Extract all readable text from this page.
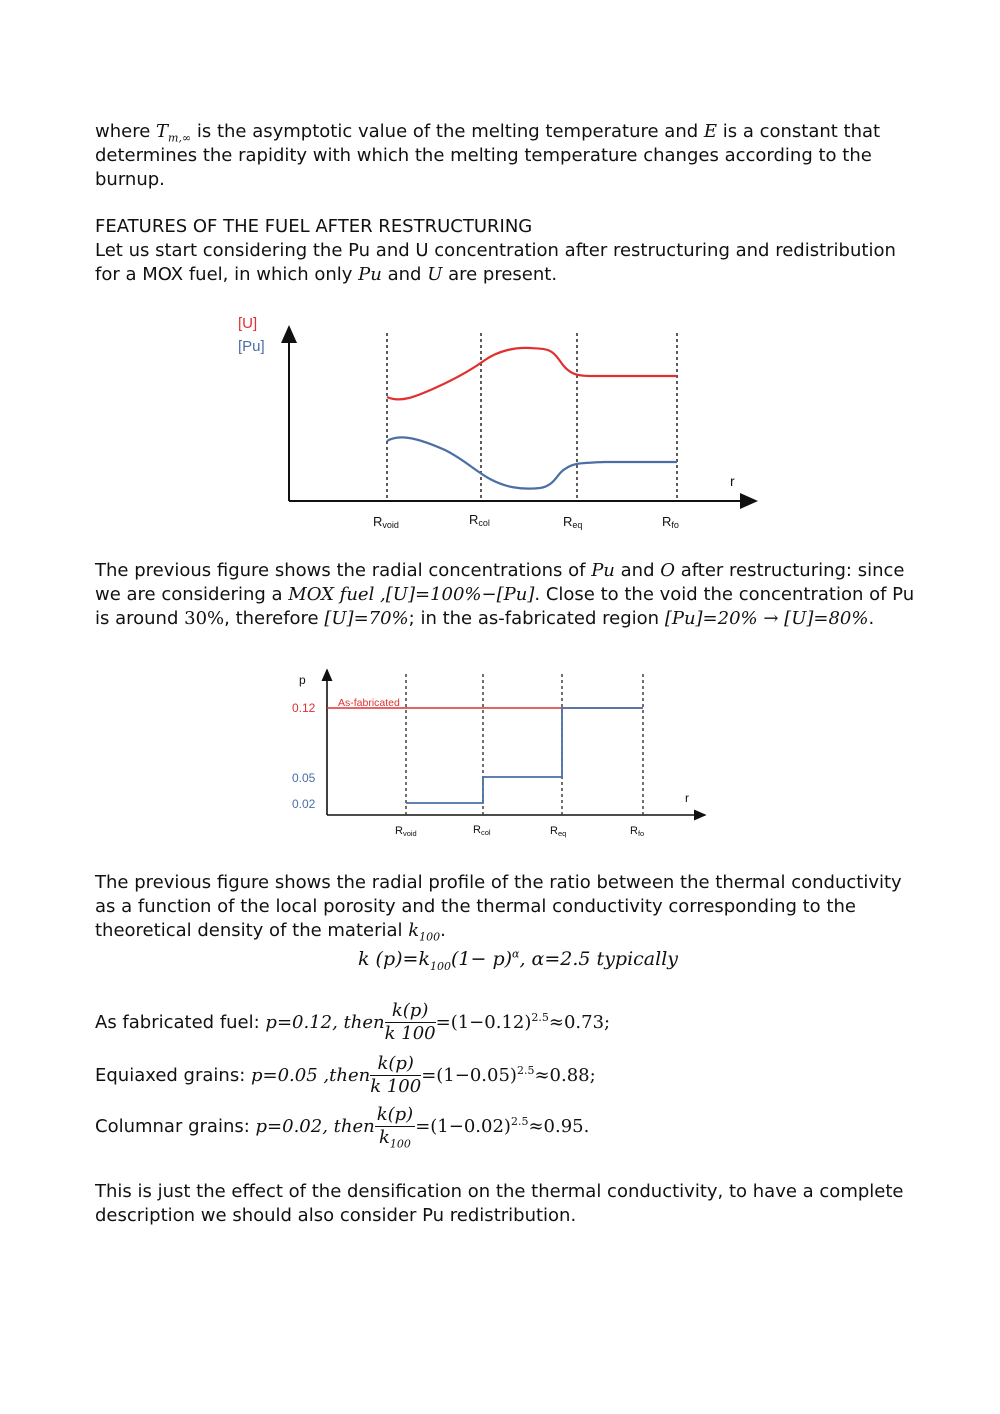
where $T_{m,\infty}$ is the asymptotic value of the melting temperature and E is a constant that determines the rapidity with which the melting temperature changes according to the burnup.

FEATURES OF THE FUEL AFTER RESTRUCTURING

Let us start considering the Pu and U concentration after restructuring and redistribution for a MOX fuel, in which only Pu and U are present.

[U]
[Pu]
r
Rvoid	Rcol	Req	Rfo

The previous figure shows the radial concentrations of Pu and O after restructuring: since we are considering a MOX fuel ,[U]=100%−[Pu]. Close to the void the concentration of Pu is around 30%, therefore [U]=70%; in the as-fabricated region [Pu]=20% → [U]=80%.

p
r
As-fabricated
0.12
0.05
0.02
Rvoid	Rcol	Req	Rfo

The previous figure shows the radial profile of the ratio between the thermal conductivity as a function of the local porosity and the thermal conductivity corresponding to the theoretical density of the material $k_{100}$.

k $(p)=k_{100}(1- p)^\alpha$, α=2.5 typically
As fabricated fuel: p=0.12, then $\frac{k(p)}{k 100} =(1-0.12)^{2.5}\approx 0.73$;
Equiaxed grains: p=0.05 ,then $\frac{k(p)}{k 100} =(1-0.05)^{2.5}\approx 0.88$;
Columnar grains: p=0.02, then $\frac{k(p)}{k_{100}} =(1-0.02)^{2.5}\approx 0.95$.

This is just the effect of the densification on the thermal conductivity, to have a complete description we should also consider Pu redistribution.
